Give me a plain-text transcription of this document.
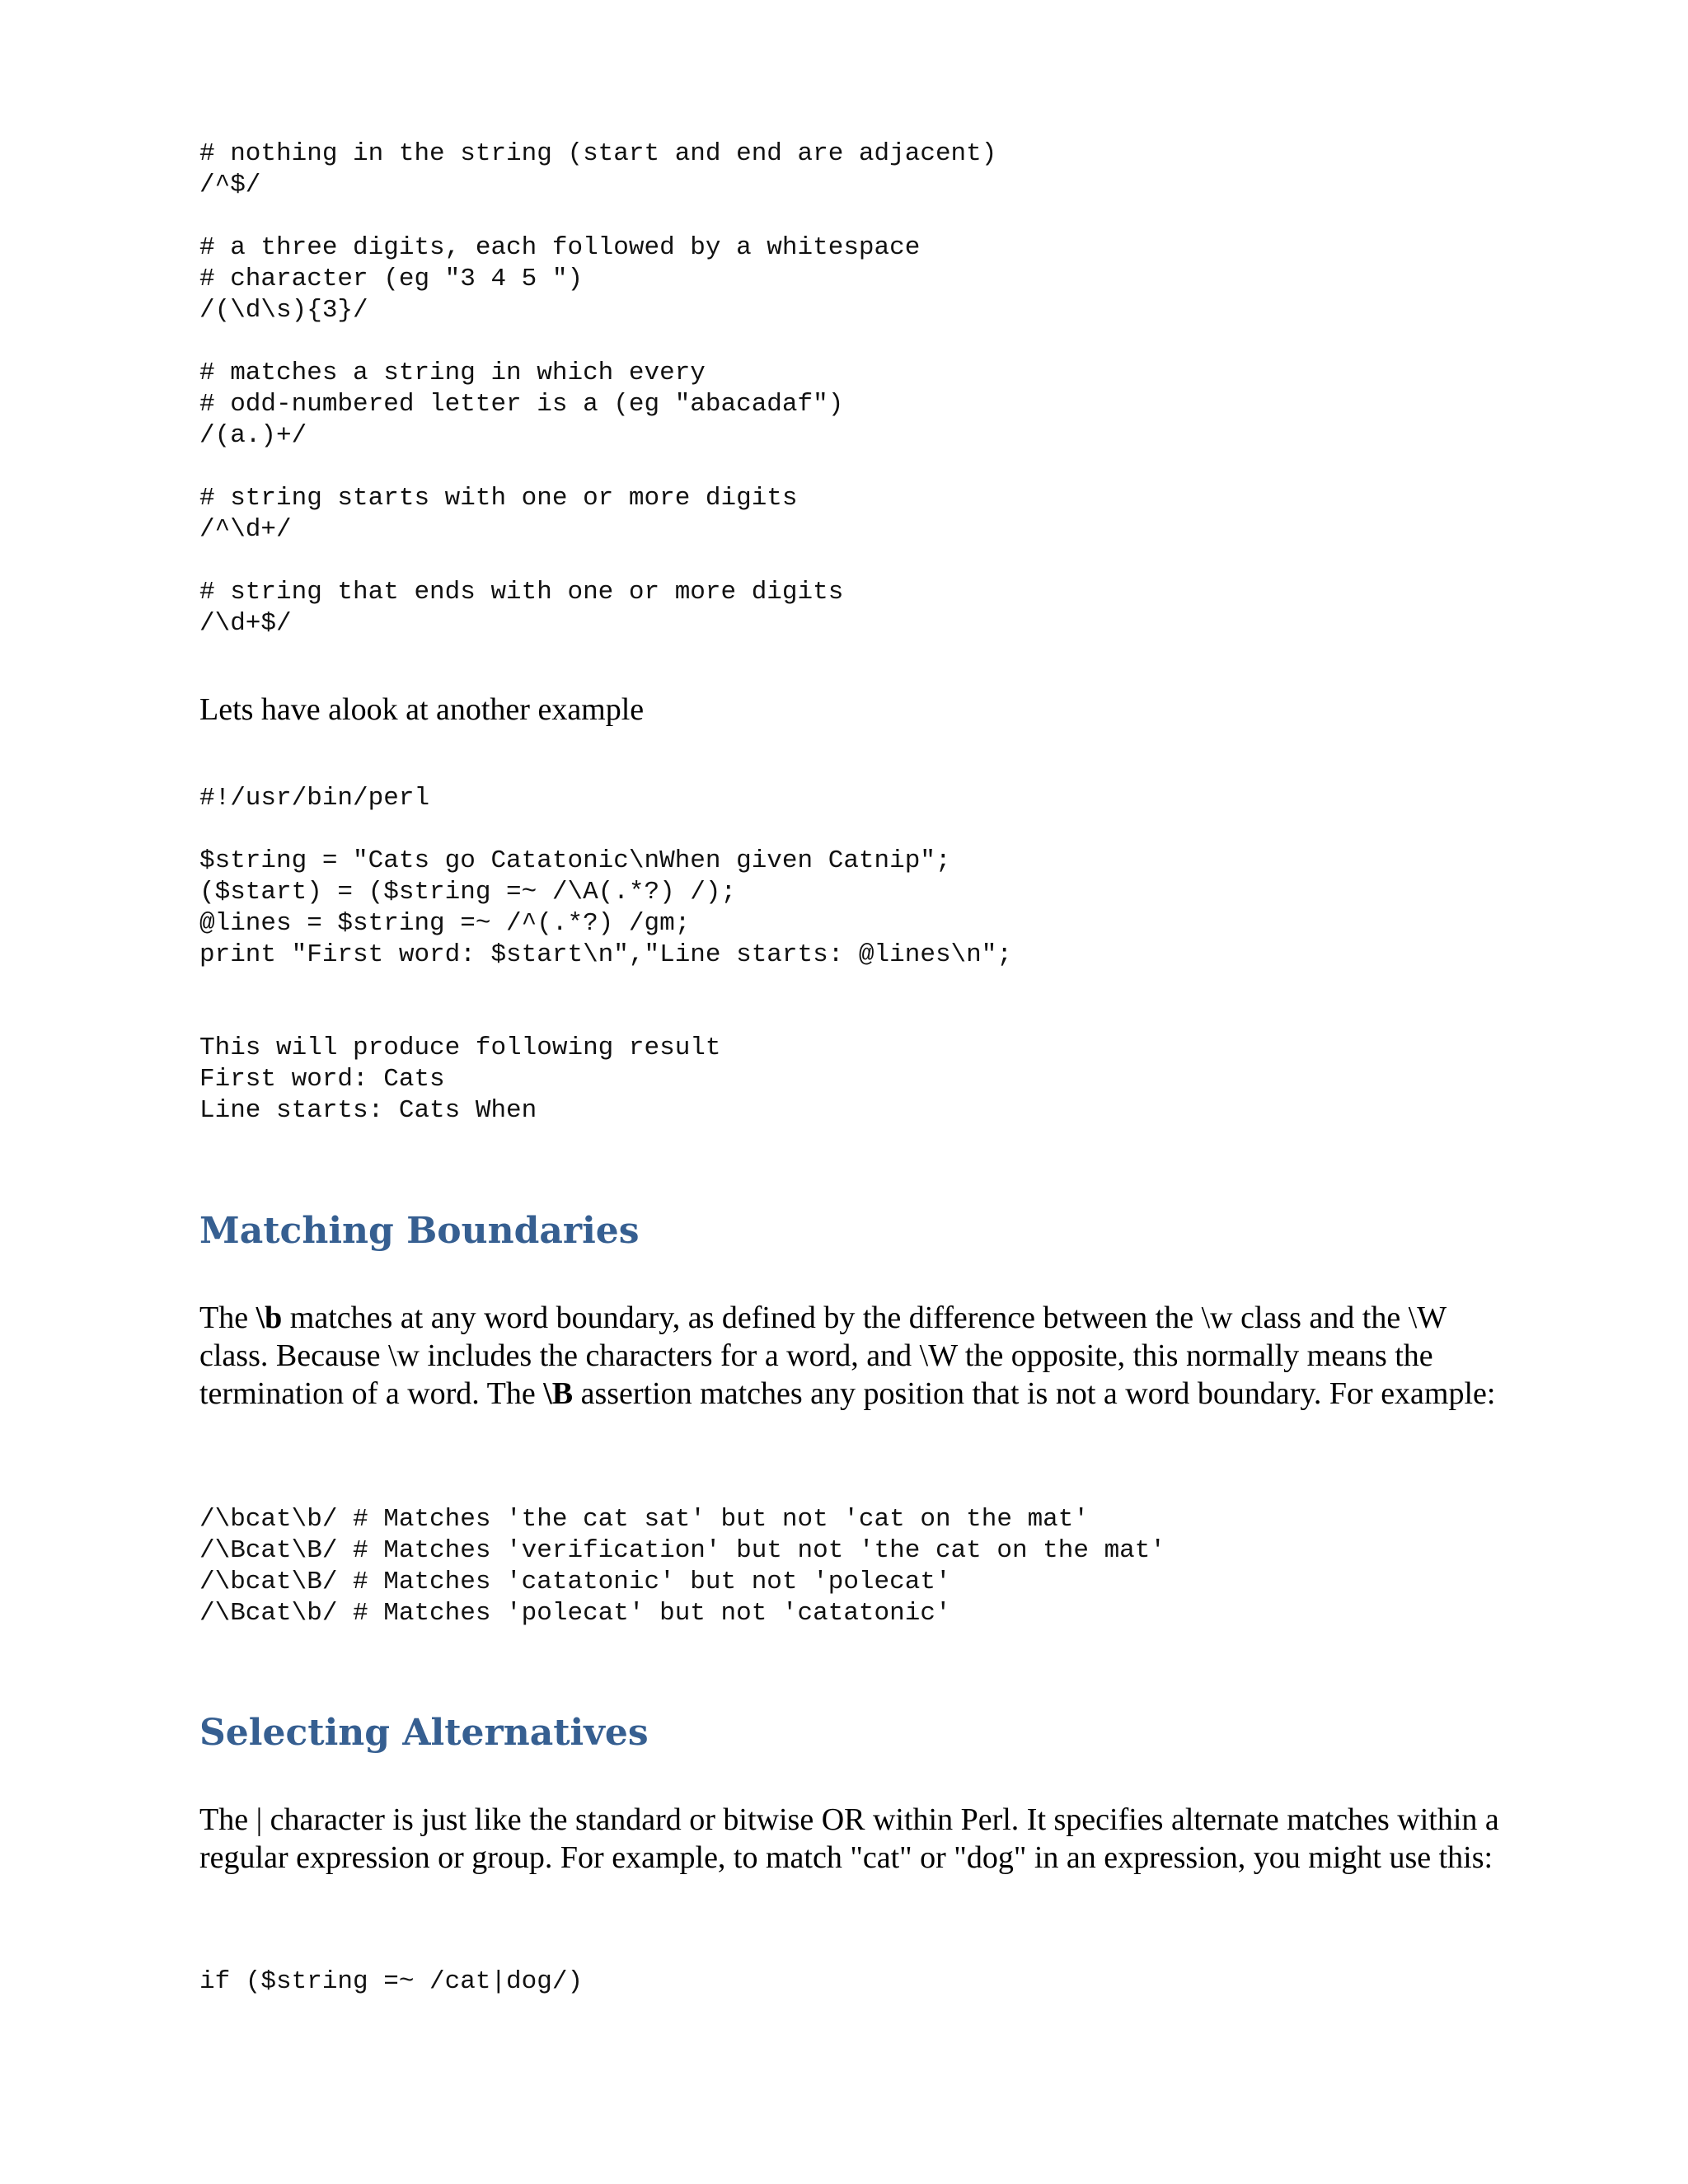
# nothing in the string (start and end are adjacent)
/^$/

# a three digits, each followed by a whitespace
# character (eg "3 4 5 ")
/(\d\s){3}/

# matches a string in which every
# odd-numbered letter is a (eg "abacadaf")
/(a.)+/

# string starts with one or more digits
/^\d+/

# string that ends with one or more digits
/\d+$/

Lets have alook at another example

#!/usr/bin/perl

$string = "Cats go Catatonic\nWhen given Catnip";
($start) = ($string =~ /\A(.*?) /);
@lines = $string =~ /^(.*?) /gm;
print "First word: $start\n","Line starts: @lines\n";
This will produce following result
First word: Cats
Line starts: Cats When
Matching Boundaries

The \b matches at any word boundary, as defined by the difference between the \w class and the \W class. Because \w includes the characters for a word, and \W the opposite, this normally means the termination of a word. The \B assertion matches any position that is not a word boundary. For example:

/\bcat\b/ # Matches 'the cat sat' but not 'cat on the mat'
/\Bcat\B/ # Matches 'verification' but not 'the cat on the mat'
/\bcat\B/ # Matches 'catatonic' but not 'polecat'
/\Bcat\b/ # Matches 'polecat' but not 'catatonic'
Selecting Alternatives

The | character is just like the standard or bitwise OR within Perl. It specifies alternate matches within a regular expression or group. For example, to match "cat" or "dog" in an expression, you might use this:

if ($string =~ /cat|dog/)
